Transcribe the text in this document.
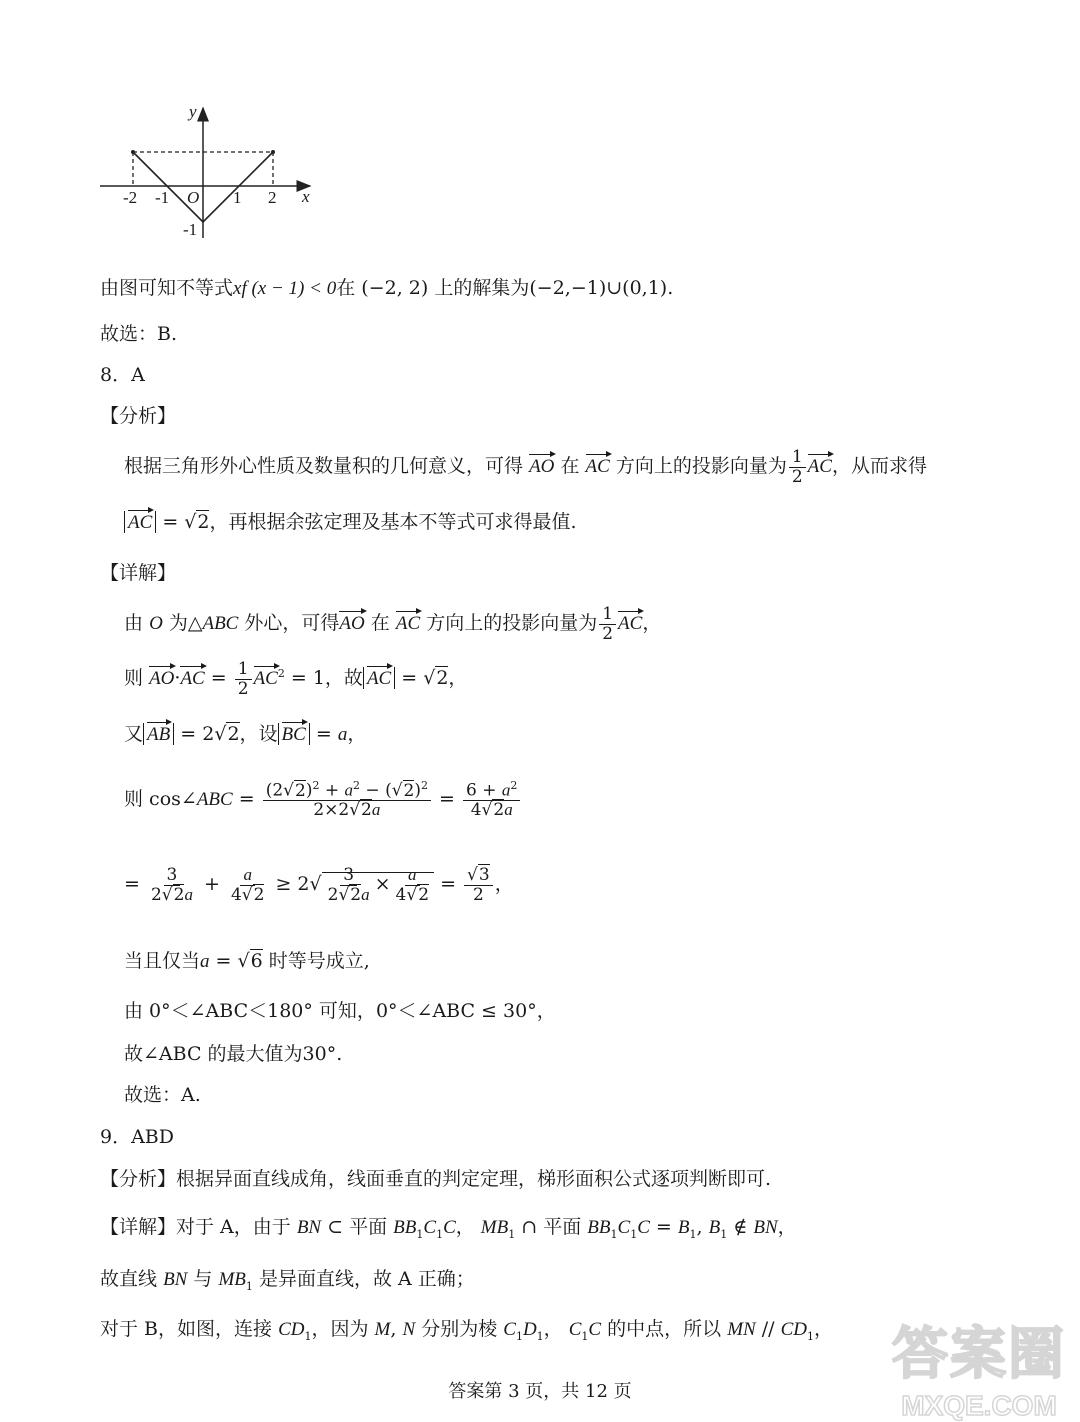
y
x
O
-2 -1	1 2
-1
由图可知不等式xf (x − 1) < 0在 (−2, 2) 上的解集为(−2,−1)∪(0,1).
故选：B.
8．A
【分析】
根据三角形外心性质及数量积的几何意义，可得 AO 在 AC 方向上的投影向量为 $\frac{1}{2}$ AC，从而求得
AC = √2，再根据余弦定理及基本不等式可求得最值.
【详解】
由 O 为△ABC 外心，可得AO 在 AC 方向上的投影向量为 $\frac{1}{2}$ AC，
则 $AO\cdot AC = \frac{1}{2} AC^2 = 1$，故 AC = √2，
又 AB = 2√2，设 BC = a，
则 cos∠ABC = $\frac{(2√2)^2 + a^2 - (√2)^2}{2\times 2√2a} = \frac{6 + a^2}{4√2a}$
= $\frac{3}{2√2a} + \frac{a}{4√2} \ge 2√ \frac{3}{2√2a} \times \frac{a}{4√2} = \frac{√3}{2}$ ，
当且仅当a = √6 时等号成立,
由 0°＜∠ABC＜180° 可知，0°＜∠ABC ≤ 30°，
故∠ABC 的最大值为30°.
故选：A.
9．ABD
【分析】根据异面直线成角，线面垂直的判定定理，梯形面积公式逐项判断即可.
【详解】对于 A，由于 BN ⊂ 平面 $BB_1C_1C$， $MB_1$ ∩ 平面 $BB_1C_1C = B_1$, $B_1$ ∉ BN，
故直线 BN 与 $MB_1$ 是异面直线，故 A 正确；
对于 B，如图，连接 $CD_1$，因为 M, N 分别为棱 $C_1D_1$， $C_1C$ 的中点，所以 MN // $CD_1$， 答案圈
MXQE.COM
答案第 3 页，共 12 页
